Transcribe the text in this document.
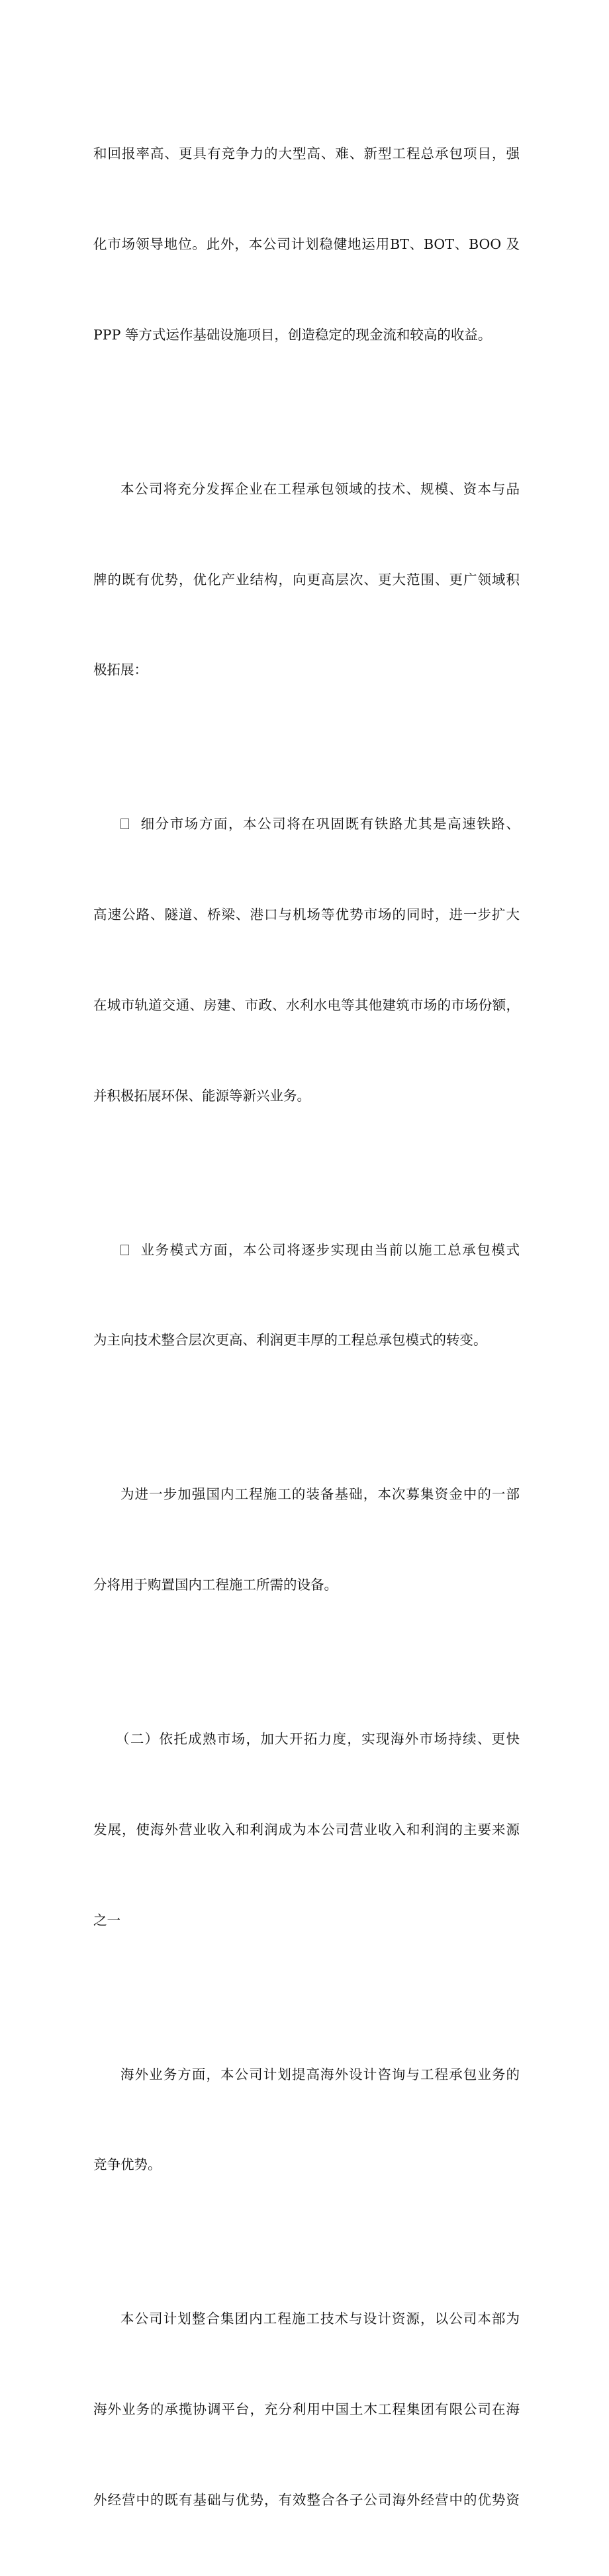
和回报率高、更具有竞争力的大型高、难、新型工程总承包项目，强

化市场领导地位。此外，本公司计划稳健地运用BT、BOT、BOO 及

PPP 等方式运作基础设施项目，创造稳定的现金流和较高的收益。

本公司将充分发挥企业在工程承包领域的技术、规模、资本与品

牌的既有优势，优化产业结构，向更高层次、更大范围、更广领域积

极拓展：

细分市场方面，本公司将在巩固既有铁路尤其是高速铁路、

高速公路、隧道、桥梁、港口与机场等优势市场的同时，进一步扩大

在城市轨道交通、房建、市政、水利水电等其他建筑市场的市场份额，

并积极拓展环保、能源等新兴业务。

业务模式方面，本公司将逐步实现由当前以施工总承包模式

为主向技术整合层次更高、利润更丰厚的工程总承包模式的转变。

为进一步加强国内工程施工的装备基础，本次募集资金中的一部

分将用于购置国内工程施工所需的设备。

（二）依托成熟市场，加大开拓力度，实现海外市场持续、更快

发展，使海外营业收入和利润成为本公司营业收入和利润的主要来源

之一

海外业务方面，本公司计划提高海外设计咨询与工程承包业务的

竞争优势。

本公司计划整合集团内工程施工技术与设计资源，以公司本部为

海外业务的承揽协调平台，充分利用中国土木工程集团有限公司在海

外经营中的既有基础与优势，有效整合各子公司海外经营中的优势资
